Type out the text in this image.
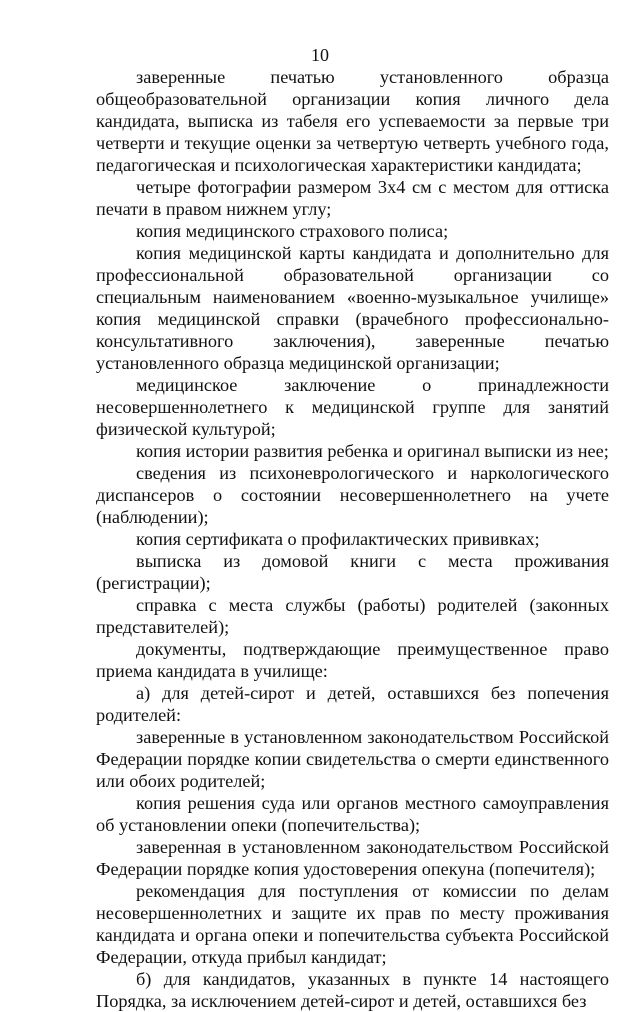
10

заверенные печатью установленного образца общеобразовательной организации копия личного дела кандидата, выписка из табеля его успеваемости за первые три четверти и текущие оценки за четвертую четверть учебного года, педагогическая и психологическая характеристики кандидата;

четыре фотографии размером 3х4 см с местом для оттиска печати в правом нижнем углу;

копия медицинского страхового полиса;

копия медицинской карты кандидата и дополнительно для профессиональной образовательной организации со специальным наименованием «военно-музыкальное училище» копия медицинской справки (врачебного профессионально-консультативного заключения), заверенные печатью установленного образца медицинской организации;

медицинское заключение о принадлежности несовершеннолетнего к медицинской группе для занятий физической культурой;

копия истории развития ребенка и оригинал выписки из нее;

сведения из психоневрологического и наркологического диспансеров о состоянии несовершеннолетнего на учете (наблюдении);

копия сертификата о профилактических прививках;

выписка из домовой книги с места проживания (регистрации);

справка с места службы (работы) родителей (законных представителей);

документы, подтверждающие преимущественное право приема кандидата в училище:

а) для детей-сирот и детей, оставшихся без попечения родителей:

заверенные в установленном законодательством Российской Федерации порядке копии свидетельства о смерти единственного или обоих родителей;

копия решения суда или органов местного самоуправления об установлении опеки (попечительства);

заверенная в установленном законодательством Российской Федерации порядке копия удостоверения опекуна (попечителя);

рекомендация для поступления от комиссии по делам несовершеннолетних и защите их прав по месту проживания кандидата и органа опеки и попечительства субъекта Российской Федерации, откуда прибыл кандидат;

б) для кандидатов, указанных в пункте 14 настоящего Порядка, за исключением детей-сирот и детей, оставшихся без
